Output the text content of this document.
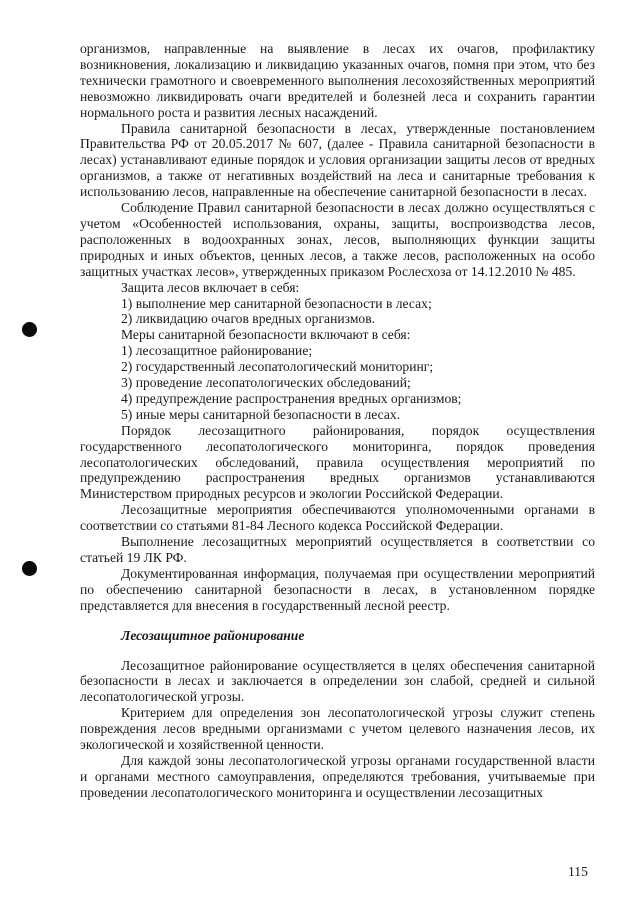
организмов, направленные на выявление в лесах их очагов, профилактику возникновения, локализацию и ликвидацию указанных очагов, помня при этом, что без технически грамотного и своевременного выполнения лесохозяйственных мероприятий невозможно ликвидировать очаги вредителей и болезней леса и сохранить гарантии нормального роста и развития лесных насаждений.

Правила санитарной безопасности в лесах, утвержденные постановлением Правительства РФ от 20.05.2017 № 607, (далее - Правила санитарной безопасности в лесах) устанавливают единые порядок и условия организации защиты лесов от вредных организмов, а также от негативных воздействий на леса и санитарные требования к использованию лесов, направленные на обеспечение санитарной безопасности в лесах.

Соблюдение Правил санитарной безопасности в лесах должно осуществляться с учетом «Особенностей использования, охраны, защиты, воспроизводства лесов, расположенных в водоохранных зонах, лесов, выполняющих функции защиты природных и иных объектов, ценных лесов, а также лесов, расположенных на особо защитных участках лесов», утвержденных приказом Рослесхоза от 14.12.2010 № 485.

Защита лесов включает в себя:

1) выполнение мер санитарной безопасности в лесах;

2) ликвидацию очагов вредных организмов.

Меры санитарной безопасности включают в себя:

1) лесозащитное районирование;

2) государственный лесопатологический мониторинг;

3) проведение лесопатологических обследований;

4) предупреждение распространения вредных организмов;

5) иные меры санитарной безопасности в лесах.

Порядок лесозащитного районирования, порядок осуществления государственного лесопатологического мониторинга, порядок проведения лесопатологических обследований, правила осуществления мероприятий по предупреждению распространения вредных организмов устанавливаются Министерством природных ресурсов и экологии Российской Федерации.

Лесозащитные мероприятия обеспечиваются уполномоченными органами в соответствии со статьями 81-84 Лесного кодекса Российской Федерации.

Выполнение лесозащитных мероприятий осуществляется в соответствии со статьей 19 ЛК РФ.

Документированная информация, получаемая при осуществлении мероприятий по обеспечению санитарной безопасности в лесах, в установленном порядке представляется для внесения в государственный лесной реестр.

Лесозащитное районирование

Лесозащитное районирование осуществляется в целях обеспечения санитарной безопасности в лесах и заключается в определении зон слабой, средней и сильной лесопатологической угрозы.

Критерием для определения зон лесопатологической угрозы служит степень повреждения лесов вредными организмами с учетом целевого назначения лесов, их экологической и хозяйственной ценности.

Для каждой зоны лесопатологической угрозы органами государственной власти и органами местного самоуправления, определяются требования, учитываемые при проведении лесопатологического мониторинга и осуществлении лесозащитных

115
